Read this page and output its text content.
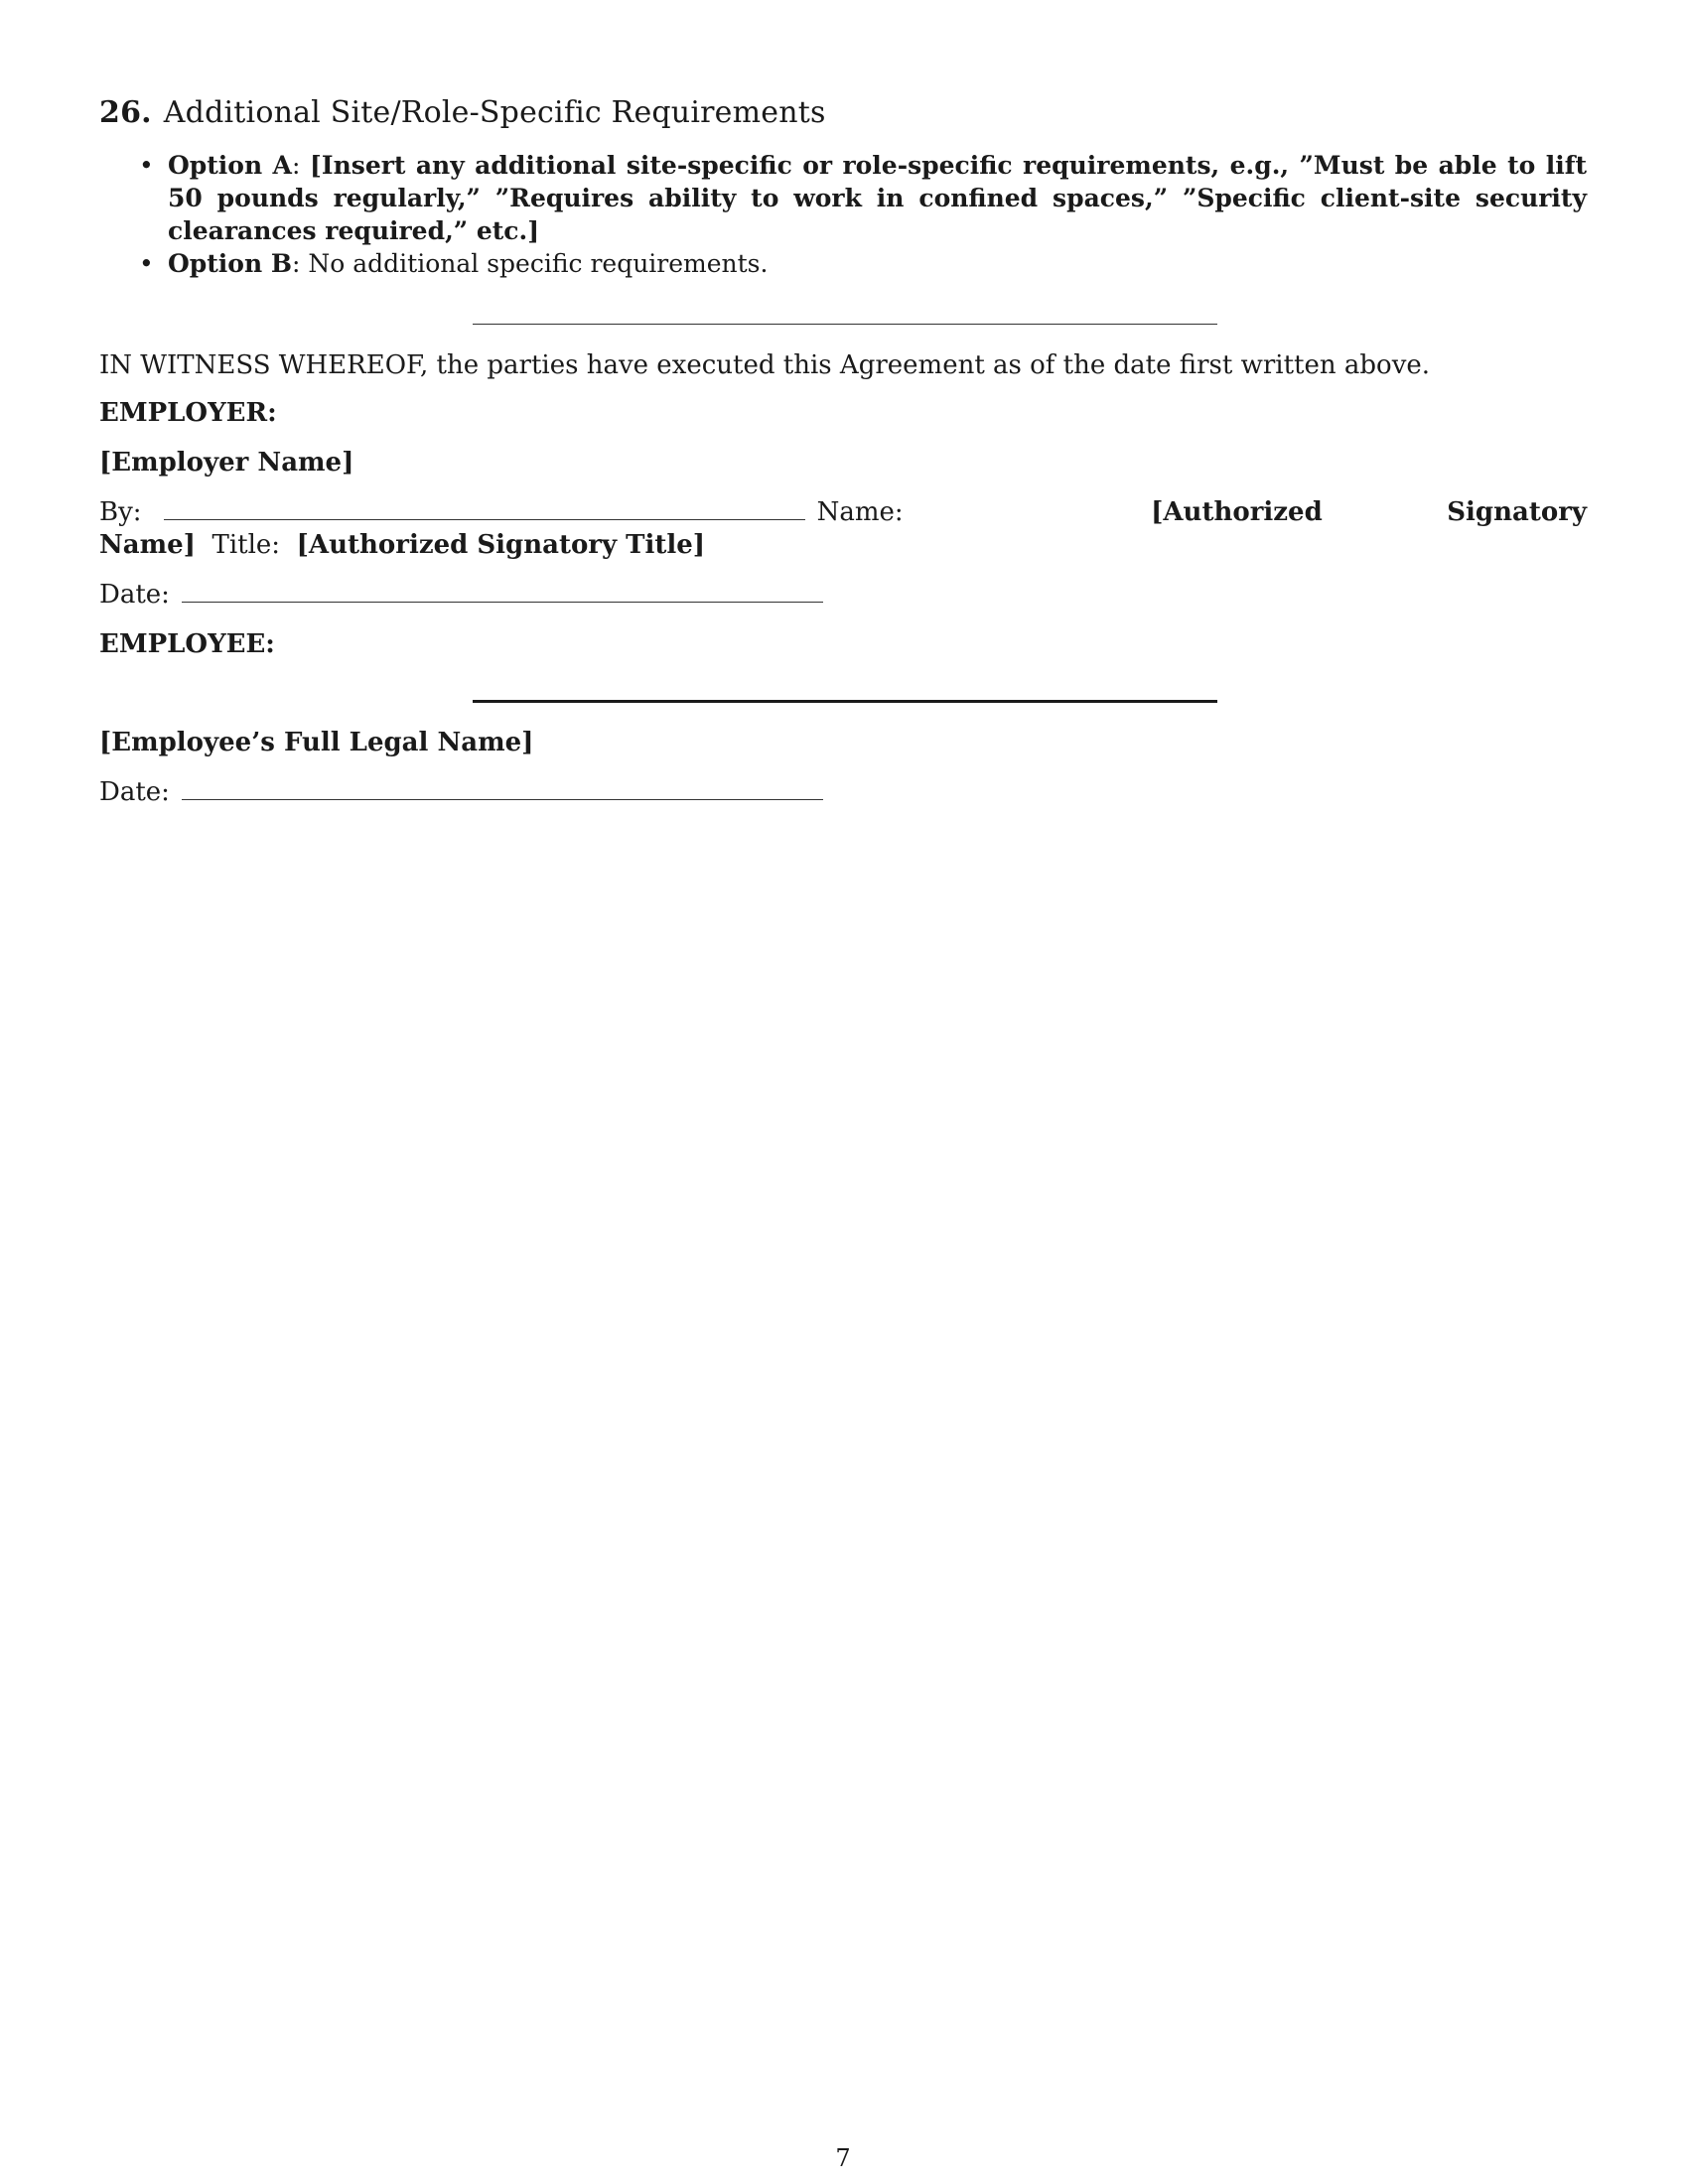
26. Additional Site/Role-Specific Requirements
• Option A: [Insert any additional site-specific or role-specific requirements, e.g., ”Must be able to lift 50 pounds regularly,” ”Requires ability to work in confined spaces,” ”Specific client-site security clearances required,” etc.]
• Option B: No additional specific requirements.

IN WITNESS WHEREOF, the parties have executed this Agreement as of the date first written above.

EMPLOYER:

[Employer Name]

By:	Name:	[Authorized Signatory Name] Title: [Authorized Signatory Title]

Date:

EMPLOYEE:

[Employee’s Full Legal Name]

Date:

7
